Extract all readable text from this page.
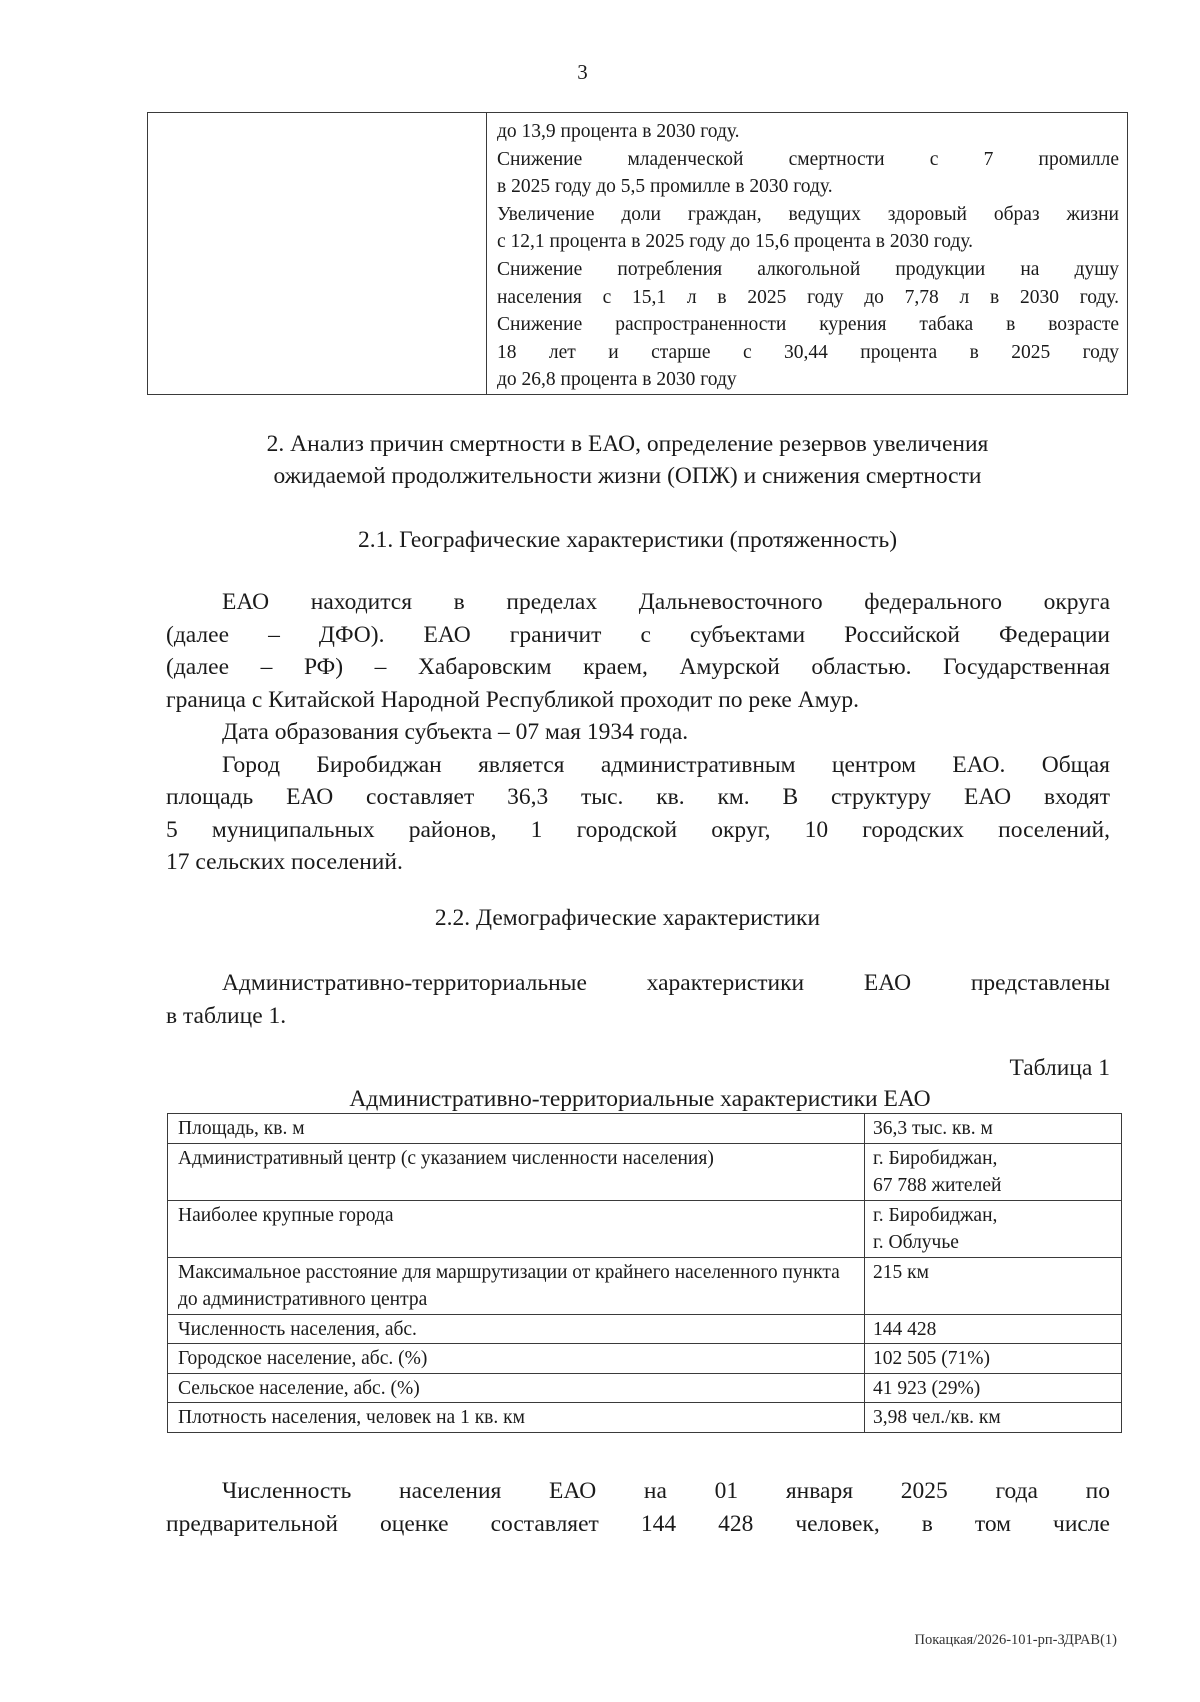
3

до 13,9 процента в 2030 году.
Снижение младенческой смертности с 7 промилле
в 2025 году до 5,5 промилле в 2030 году.
Увеличение доли граждан, ведущих здоровый образ жизни
с 12,1 процента в 2025 году до 15,6 процента в 2030 году.
Снижение потребления алкогольной продукции на душу
населения с 15,1 л в 2025 году до 7,78 л в 2030 году.
Снижение распространенности курения табака в возрасте
18 лет и старше с 30,44 процента в 2025 году
до 26,8 процента в 2030 году
2. Анализ причин смертности в ЕАО, определение резервов увеличения
ожидаемой продолжительности жизни (ОПЖ) и снижения смертности
2.1. Географические характеристики (протяженность)
ЕАО находится в пределах Дальневосточного федерального округа
(далее – ДФО). ЕАО граничит с субъектами Российской Федерации
(далее – РФ) – Хабаровским краем, Амурской областью. Государственная
граница с Китайской Народной Республикой проходит по реке Амур.
Дата образования субъекта – 07 мая 1934 года.
Город Биробиджан является административным центром ЕАО. Общая
площадь ЕАО составляет 36,3 тыс. кв. км. В структуру ЕАО входят
5 муниципальных районов, 1 городской округ, 10 городских поселений,
17 сельских поселений.
2.2. Демографические характеристики
Административно-территориальные характеристики ЕАО представлены
в таблице 1.
Таблица 1
Административно-территориальные характеристики ЕАО
Площадь, кв. м	36,3 тыс. кв. м

Административный центр (с указанием численности населения)	г. Биробиджан,
67 788 жителей

Наиболее крупные города	г. Биробиджан,
г. Облучье

Максимальное расстояние для маршрутизации от крайнего населенного пункта до административного центра	215 км

Численность населения, абс.	144 428

Городское население, абс. (%)	102 505 (71%)

Сельское население, абс. (%)	41 923 (29%)

Плотность населения, человек на 1 кв. км	3,98 чел./кв. км
Численность населения ЕАО на 01 января 2025 года по
предварительной оценке составляет 144 428 человек, в том числе
Покацкая/2026-101-рп-ЗДРАВ(1)
